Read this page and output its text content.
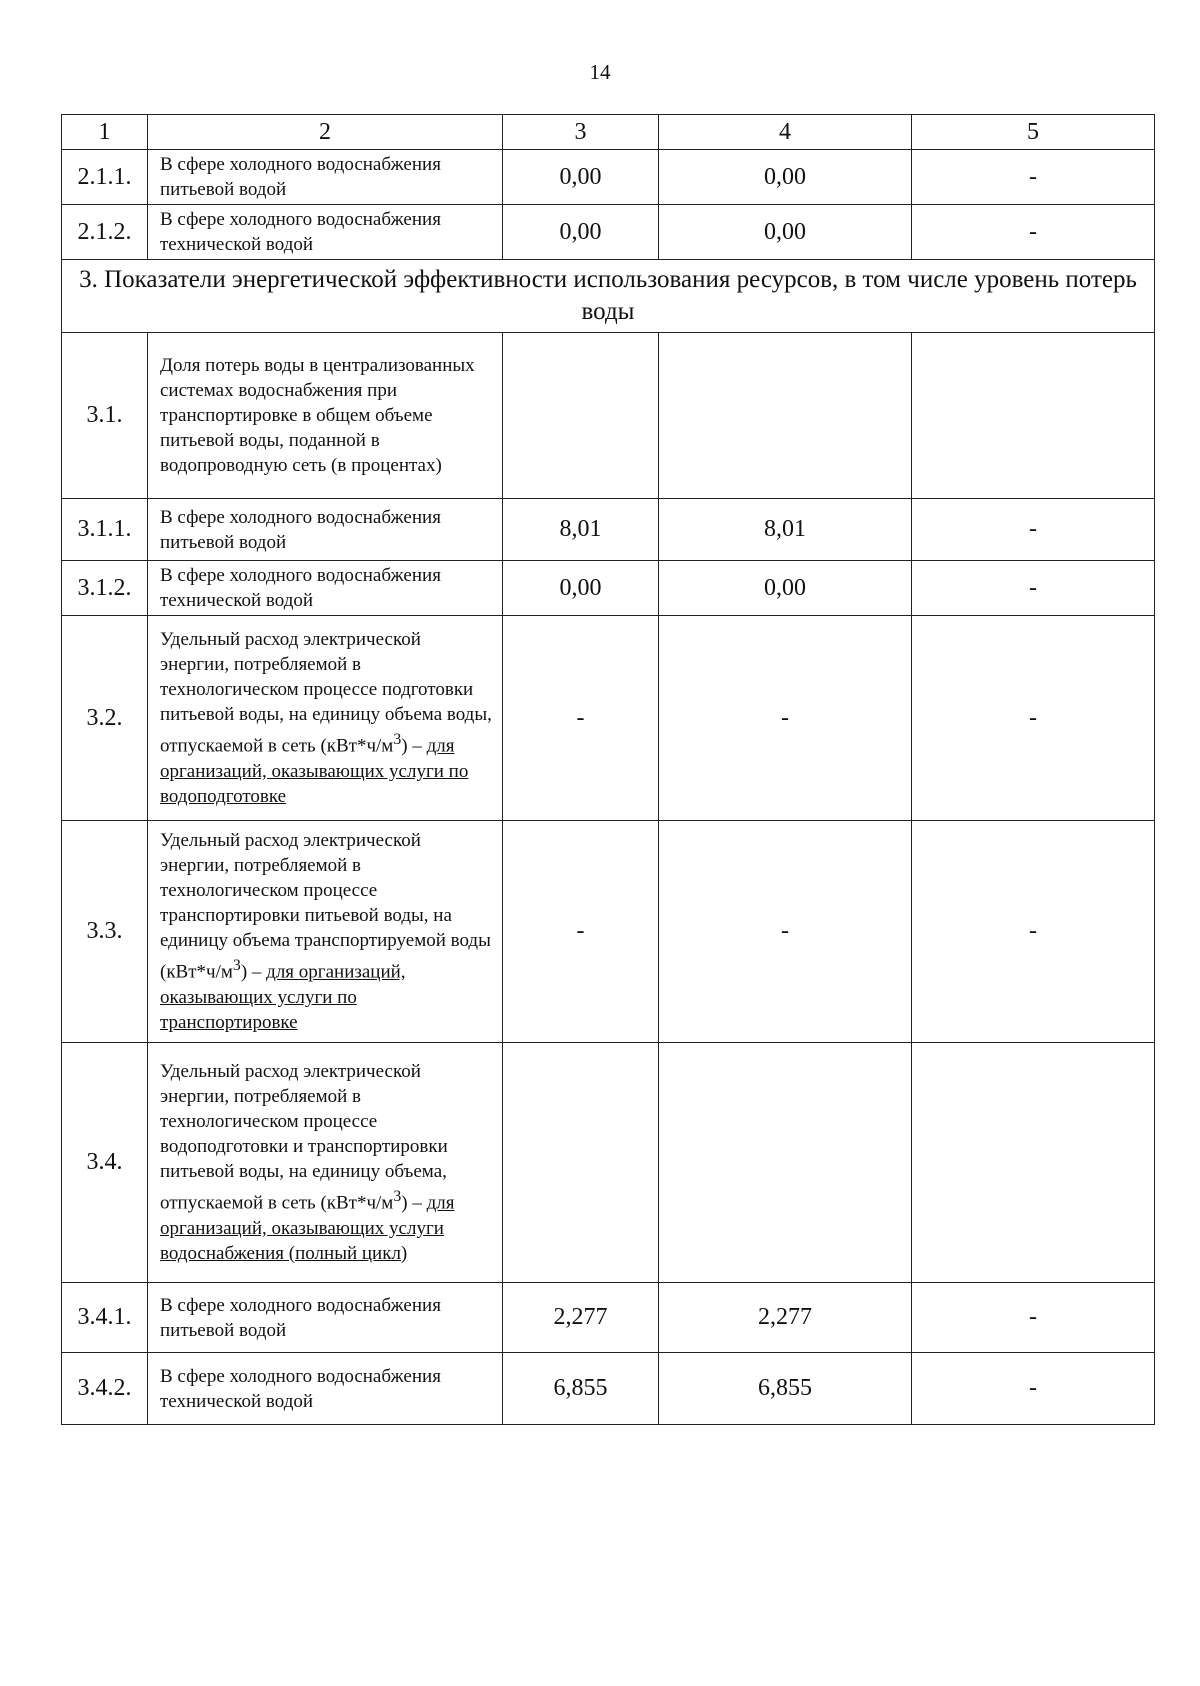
14
1	2	3	4	5
2.1.1.	В сфере холодного водоснабжения питьевой водой	0,00	0,00	-
2.1.2.	В сфере холодного водоснабжения технической водой	0,00	0,00	-
3. Показатели энергетической эффективности использования ресурсов, в том числе уровень потерь воды				
3.1.	Доля потерь воды в централизованных системах водоснабжения при транспортировке в общем объеме питьевой воды, поданной в водопроводную сеть (в процентах)			
3.1.1.	В сфере холодного водоснабжения питьевой водой	8,01	8,01	-
3.1.2.	В сфере холодного водоснабжения технической водой	0,00	0,00	-
3.2.	Удельный расход электрической энергии, потребляемой в технологическом процессе подготовки питьевой воды, на единицу объема воды, отпускаемой в сеть $(кВт*ч/м^3)$ – для организаций, оказывающих услуги по водоподготовке	-	-	-
3.3.	Удельный расход электрической энергии, потребляемой в технологическом процессе транспортировки питьевой воды, на единицу объема транспортируемой воды $(кВт*ч/м^3)$ – для организаций, оказывающих услуги по транспортировке	-	-	-
3.4.	Удельный расход электрической энергии, потребляемой в технологическом процессе водоподготовки и транспортировки питьевой воды, на единицу объема, отпускаемой в сеть $(кВт*ч/м^3)$ – для организаций, оказывающих услуги водоснабжения (полный цикл)			
3.4.1.	В сфере холодного водоснабжения питьевой водой	2,277	2,277	-
3.4.2.	В сфере холодного водоснабжения технической водой	6,855	6,855	-
